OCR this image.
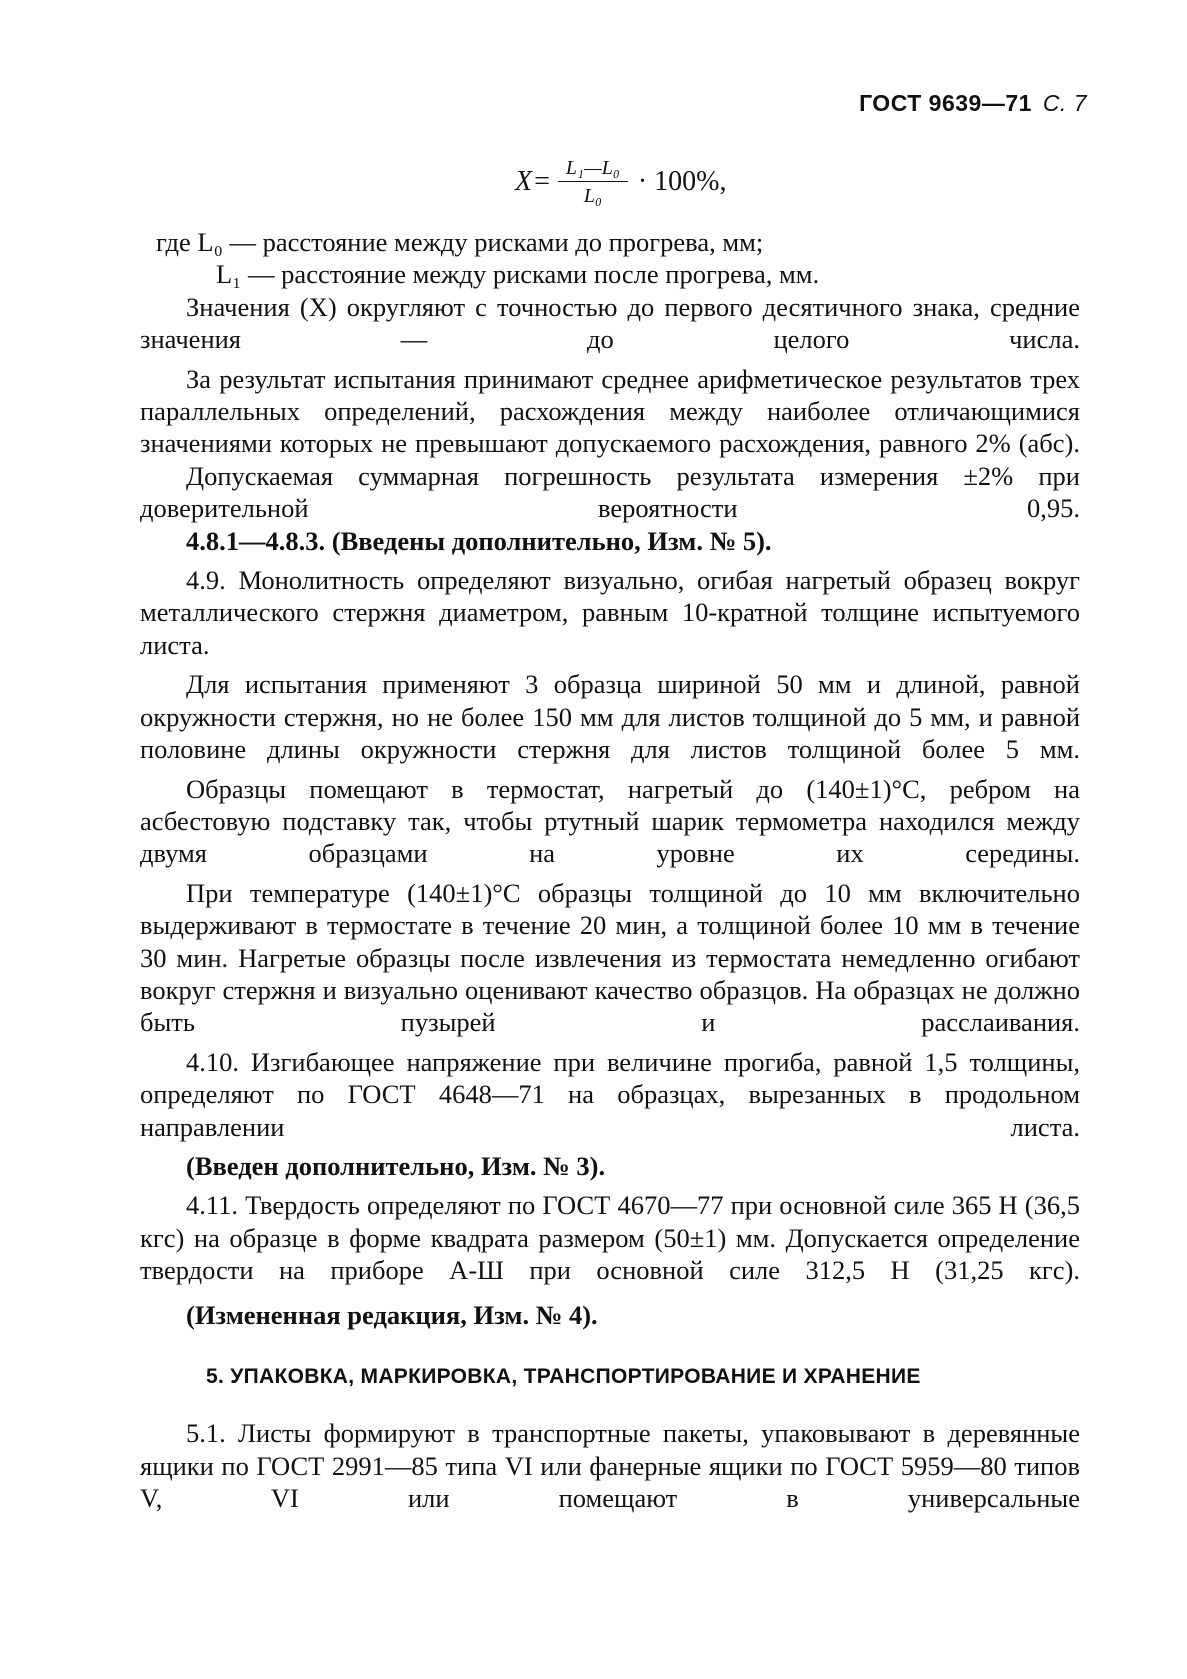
ГОСТ 9639—71 С. 7
$X = \frac{\text{L₁—L₀}}{\text{L₀}} \cdot 100\%$,

где L₀ — расстояние между рисками до прогрева, мм;

L₁ — расстояние между рисками после прогрева, мм.

Значения (X) округляют с точностью до первого десятичного знака, средние значения — до целого числа.

За результат испытания принимают среднее арифметическое результатов трех параллельных определений, расхождения между наиболее отличающимися значениями которых не превышают допускаемого расхождения, равного 2% (абс).

Допускаемая суммарная погрешность результата измерения ±2% при доверительной вероятности 0,95.

4.8.1—4.8.3. (Введены дополнительно, Изм. № 5).

4.9. Монолитность определяют визуально, огибая нагретый образец вокруг металлического стержня диаметром, равным 10-кратной толщине испытуемого листа.

Для испытания применяют 3 образца шириной 50 мм и длиной, равной окружности стержня, но не более 150 мм для листов толщиной до 5 мм, и равной половине длины окружности стержня для листов толщиной более 5 мм.

Образцы помещают в термостат, нагретый до (140±1)°С, ребром на асбестовую подставку так, чтобы ртутный шарик термометра находился между двумя образцами на уровне их середины.

При температуре (140±1)°С образцы толщиной до 10 мм включительно выдерживают в термостате в течение 20 мин, а толщиной более 10 мм в течение 30 мин. Нагретые образцы после извлечения из термостата немедленно огибают вокруг стержня и визуально оценивают качество образцов. На образцах не должно быть пузырей и расслаивания.

4.10. Изгибающее напряжение при величине прогиба, равной 1,5 толщины, определяют по ГОСТ 4648—71 на образцах, вырезанных в продольном направлении листа.

(Введен дополнительно, Изм. № 3).

4.11. Твердость определяют по ГОСТ 4670—77 при основной силе 365 Н (36,5 кгс) на образце в форме квадрата размером (50±1) мм. Допускается определение твердости на приборе А-Ш при основной силе 312,5 Н (31,25 кгс).

(Измененная редакция, Изм. № 4).

5. УПАКОВКА, МАРКИРОВКА, ТРАНСПОРТИРОВАНИЕ И ХРАНЕНИЕ

5.1. Листы формируют в транспортные пакеты, упаковывают в деревянные ящики по ГОСТ 2991—85 типа VI или фанерные ящики по ГОСТ 5959—80 типов V, VI или помещают в универсальные
